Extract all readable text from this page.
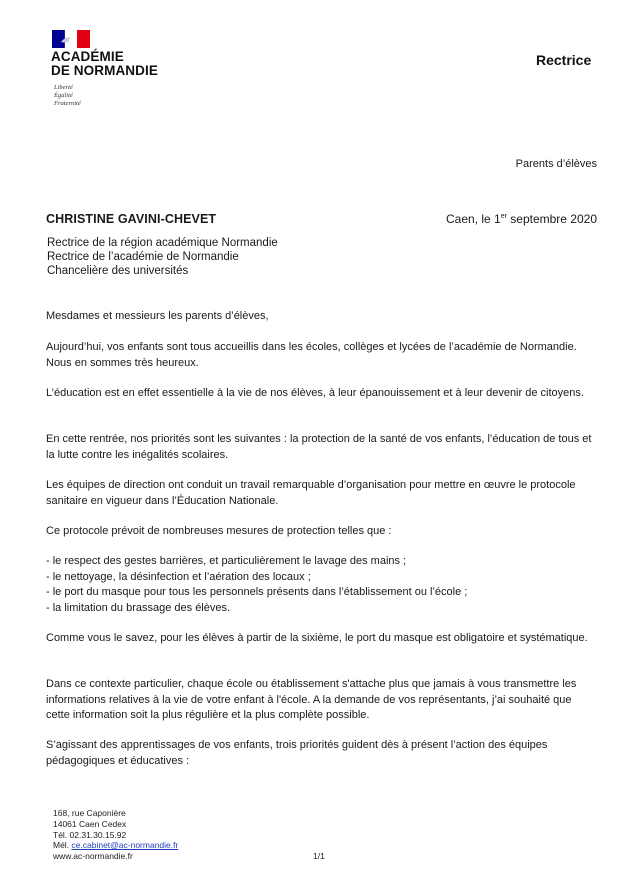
ACADÉMIE
DE NORMANDIE
Liberté
Égalité
Fraternité
Rectrice
Parents d’élèves
CHRISTINE GAVINI-CHEVET	Caen, le 1er septembre 2020
Rectrice de la région académique Normandie
Rectrice de l’académie de Normandie
Chancelière des universités

Mesdames et messieurs les parents d’élèves,

Aujourd’hui, vos enfants sont tous accueillis dans les écoles, collèges et lycées de l’académie de Normandie. Nous en sommes très heureux.

L’éducation est en effet essentielle à la vie de nos élèves, à leur épanouissement et à leur devenir de citoyens.

En cette rentrée, nos priorités sont les suivantes : la protection de la santé de vos enfants, l’éducation de tous et la lutte contre les inégalités scolaires.

Les équipes de direction ont conduit un travail remarquable d’organisation pour mettre en œuvre le protocole sanitaire en vigueur dans l’Éducation Nationale.

Ce protocole prévoit de nombreuses mesures de protection telles que :

- le respect des gestes barrières, et particulièrement le lavage des mains ;
- le nettoyage, la désinfection et l’aération des locaux ;
- le port du masque pour tous les personnels présents dans l’établissement ou l’école ;
- la limitation du brassage des élèves.

Comme vous le savez, pour les élèves à partir de la sixième, le port du masque est obligatoire et systématique.

Dans ce contexte particulier, chaque école ou établissement s'attache plus que jamais à vous transmettre les informations relatives à la vie de votre enfant à l'école. A la demande de vos représentants, j’ai souhaité que cette information soit la plus régulière et la plus complète possible.

S’agissant des apprentissages de vos enfants, trois priorités guident dès à présent l’action des équipes pédagogiques et éducatives :

168, rue Caponière
14061 Caen Cedex
Tél. 02.31.30.15.92
Mél. ce.cabinet@ac-normandie.fr
www.ac-normandie.fr	1/1
